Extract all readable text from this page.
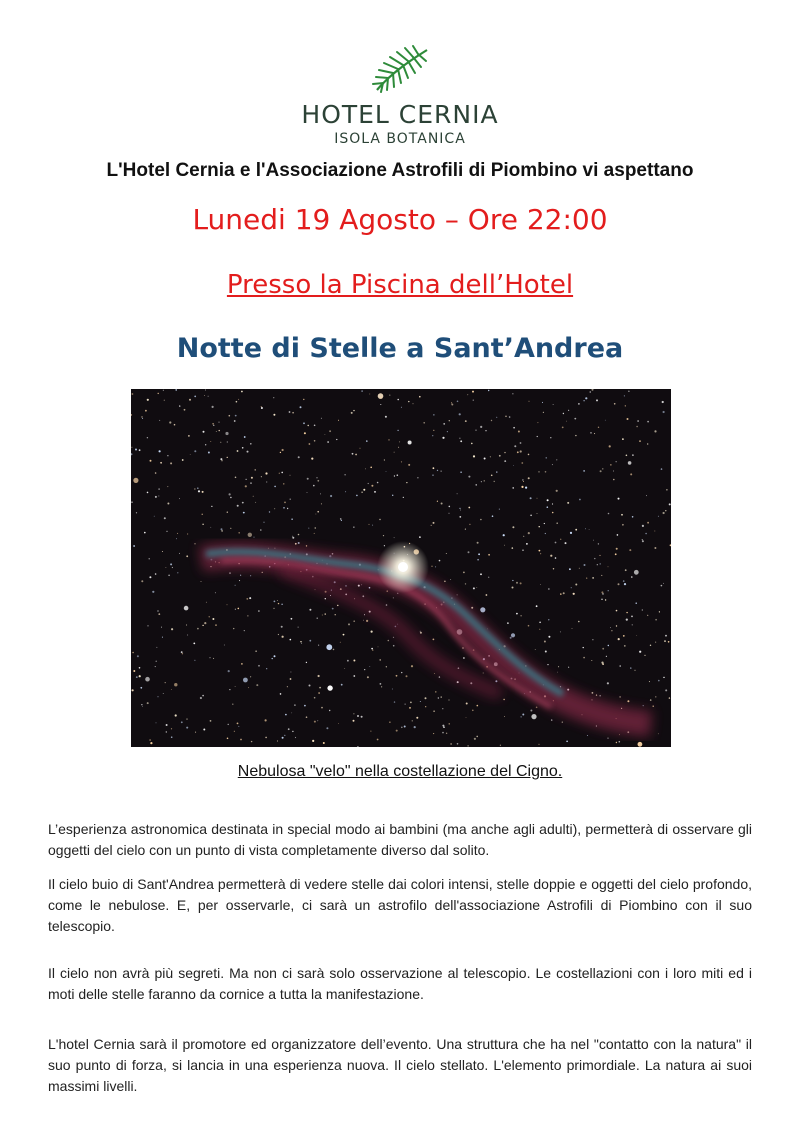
HOTEL CERNIA
ISOLA BOTANICA
L'Hotel Cernia e l'Associazione Astrofili di Piombino vi aspettano
Lunedi 19 Agosto – Ore 22:00
Presso la Piscina dell’Hotel
Notte di Stelle a Sant’Andrea
Nebulosa "velo" nella costellazione del Cigno.

L’esperienza astronomica destinata in special modo ai bambini (ma anche agli adulti), permetterà di osservare gli oggetti del cielo con un punto di vista completamente diverso dal solito.

Il cielo buio di Sant'Andrea permetterà di vedere stelle dai colori intensi, stelle doppie e oggetti del cielo profondo, come le nebulose. E, per osservarle, ci sarà un astrofilo dell'associazione Astrofili di Piombino con il suo telescopio.

Il cielo non avrà più segreti. Ma non ci sarà solo osservazione al telescopio. Le costellazioni con i loro miti ed i moti delle stelle faranno da cornice a tutta la manifestazione.

L'hotel Cernia sarà il promotore ed organizzatore dell’evento. Una struttura che ha nel "contatto con la natura" il suo punto di forza, si lancia in una esperienza nuova. Il cielo stellato. L'elemento primordiale. La natura ai suoi massimi livelli.
